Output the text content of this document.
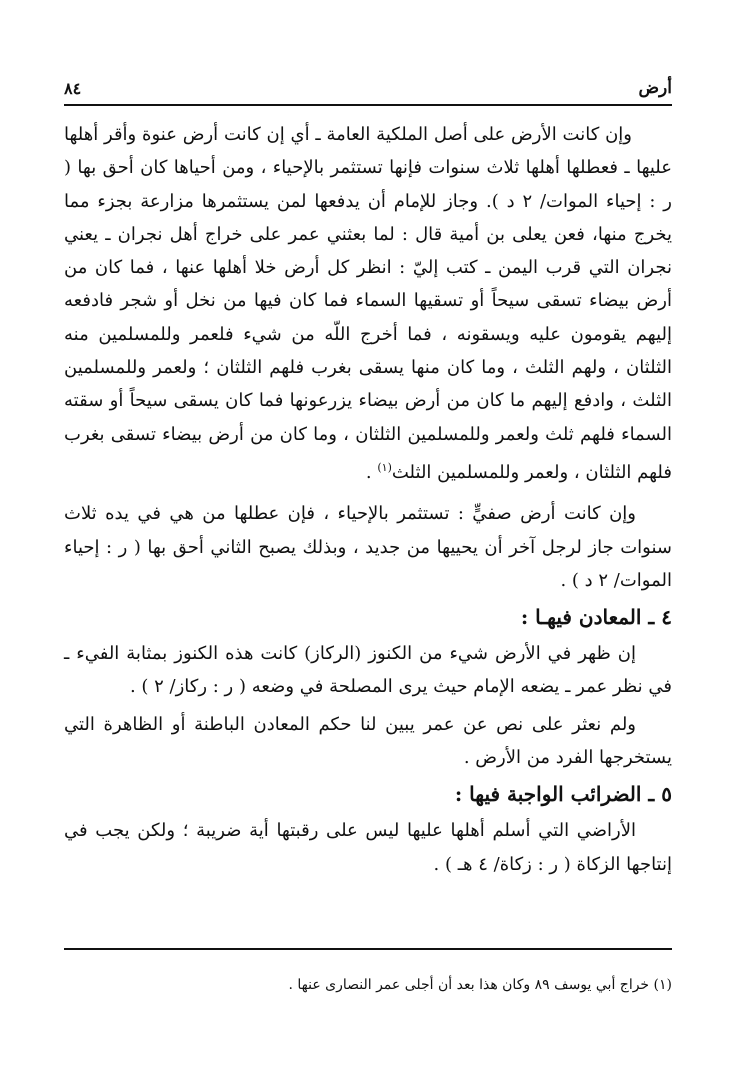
٨٤	أرض

وإن كانت الأرض على أصل الملكية العامة ـ أي إن كانت أرض عنوة وأقر أهلها عليها ـ فعطلها أهلها ثلاث سنوات فإنها تستثمر بالإحياء ، ومن أحياها كان أحق بها ( ر : إحياء الموات/ ٢ د ). وجاز للإمام أن يدفعها لمن يستثمرها مزارعة بجزء مما يخرج منها، فعن يعلى بن أمية قال : لما بعثني عمر على خراج أهل نجران ـ يعني نجران التي قرب اليمن ـ كتب إليّ : انظر كل أرض خلا أهلها عنها ، فما كان من أرض بيضاء تسقى سيحاً أو تسقيها السماء فما كان فيها من نخل أو شجر فادفعه إليهم يقومون عليه ويسقونه ، فما أخرج اللّه من شيء فلعمر وللمسلمين منه الثلثان ، ولهم الثلث ، وما كان منها يسقى بغرب فلهم الثلثان ؛ ولعمر وللمسلمين الثلث ، وادفع إليهم ما كان من أرض بيضاء يزرعونها فما كان يسقى سيحاً أو سقته السماء فلهم ثلث ولعمر وللمسلمين الثلثان ، وما كان من أرض بيضاء تسقى بغرب فلهم الثلثان ، ولعمر وللمسلمين الثلث$^{(١)}$ .

وإن كانت أرض صفيٍّ : تستثمر بالإحياء ، فإن عطلها من هي في يده ثلاث سنوات جاز لرجل آخر أن يحييها من جديد ، وبذلك يصبح الثاني أحق بها ( ر : إحياء الموات/ ٢ د ) .

٤ ـ المعادن فيهـا :

إن ظهر في الأرض شيء من الكنوز (الركاز) كانت هذه الكنوز بمثابة الفيء ـ في نظر عمر ـ يضعه الإمام حيث يرى المصلحة في وضعه ( ر : ركاز/ ٢ ) .

ولم نعثر على نص عن عمر يبين لنا حكم المعادن الباطنة أو الظاهرة التي يستخرجها الفرد من الأرض .

٥ ـ الضرائب الواجبة فيها :

الأراضي التي أسلم أهلها عليها ليس على رقبتها أية ضريبة ؛ ولكن يجب في إنتاجها الزكاة ( ر : زكاة/ ٤ هـ ) .

(١) خراج أبي يوسف ٨٩ وكان هذا بعد أن أجلى عمر النصارى عنها .
